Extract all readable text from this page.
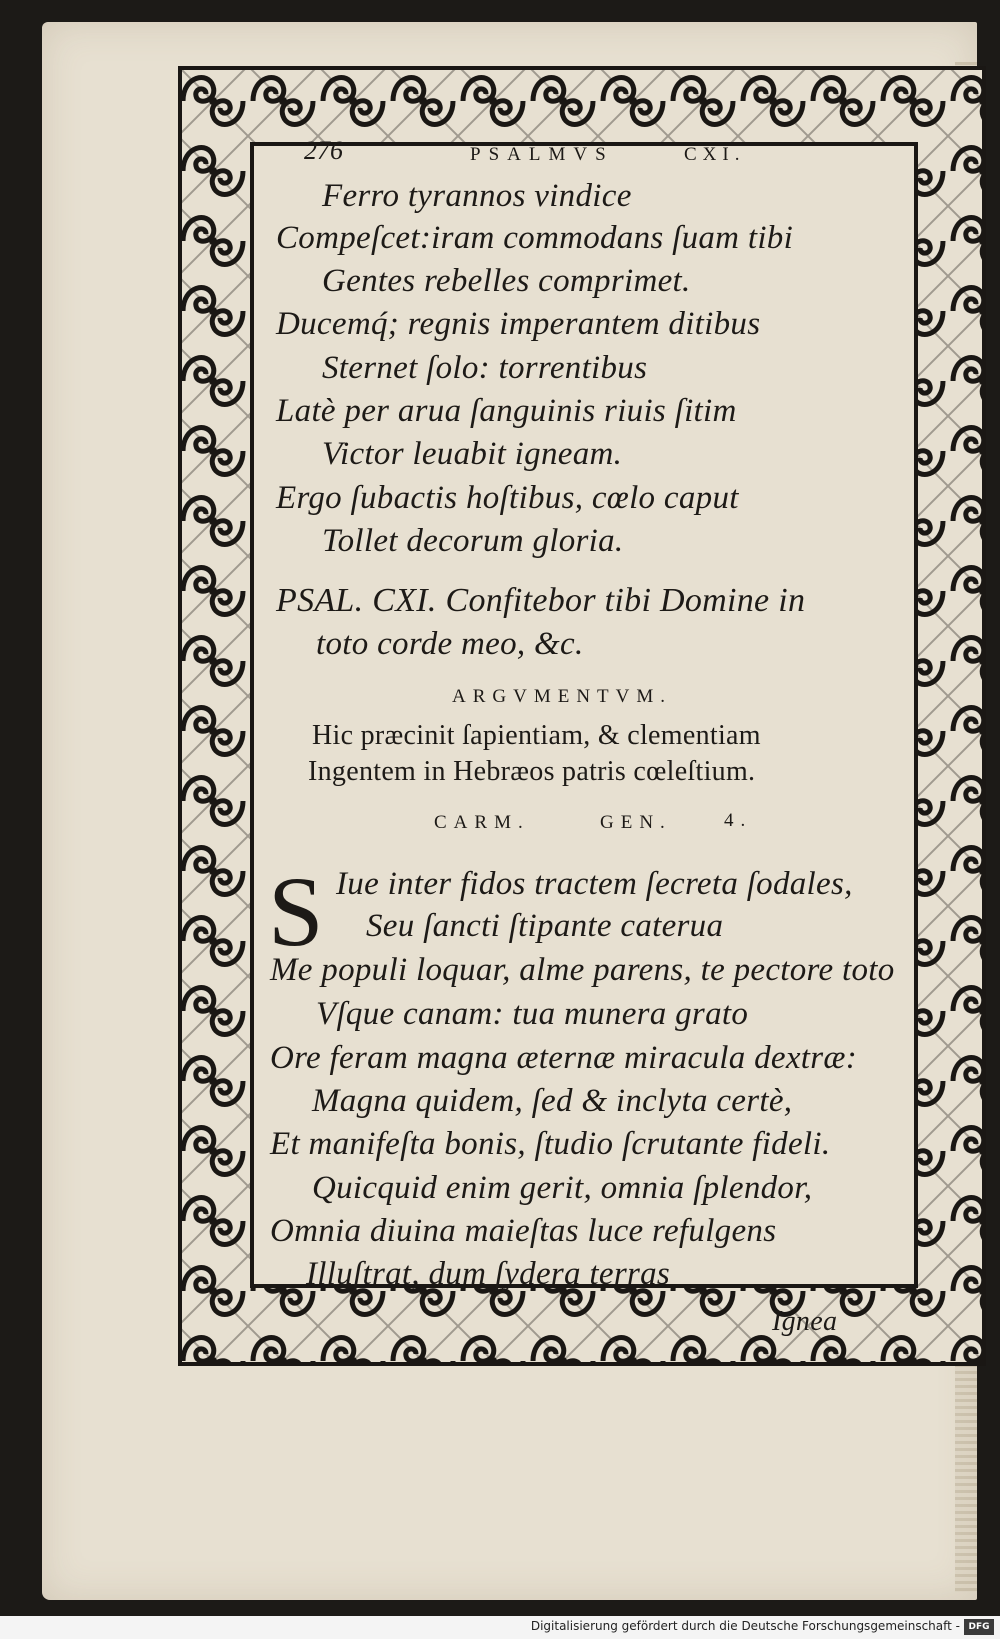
276	PSALMVS	CXI.
Ferro tyrannos vindice
Compeſcet:iram commodans ſuam tibi
Gentes rebelles comprimet.
Ducemq́; regnis imperantem ditibus
Sternet ſolo: torrentibus
Latè per arua ſanguinis riuis ſitim
Victor leuabit igneam.
Ergo ſubactis hoſtibus, cœlo caput
Tollet decorum gloria.
PSAL. CXI. Confitebor tibi Domine in
toto corde meo, &c.
ARGVMENTVM.
Hic præcinit ſapientiam, & clementiam
Ingentem in Hebræos patris cœleſtium.
CARM.	GEN.	4.
S Iue inter fidos tractem ſecreta ſodales,
Seu ſancti ſtipante caterua
Me populi loquar, alme parens, te pectore toto
Vſque canam: tua munera grato
Ore feram magna æternæ miracula dextræ:
Magna quidem, ſed & inclyta certè,
Et manifeſta bonis, ſtudio ſcrutante fideli.
Quicquid enim gerit, omnia ſplendor,
Omnia diuina maieſtas luce refulgens
Illuſtrat, dum ſydera terras
Ignea
Digitalisierung gefördert durch die Deutsche Forschungsgemeinschaft - DFG
